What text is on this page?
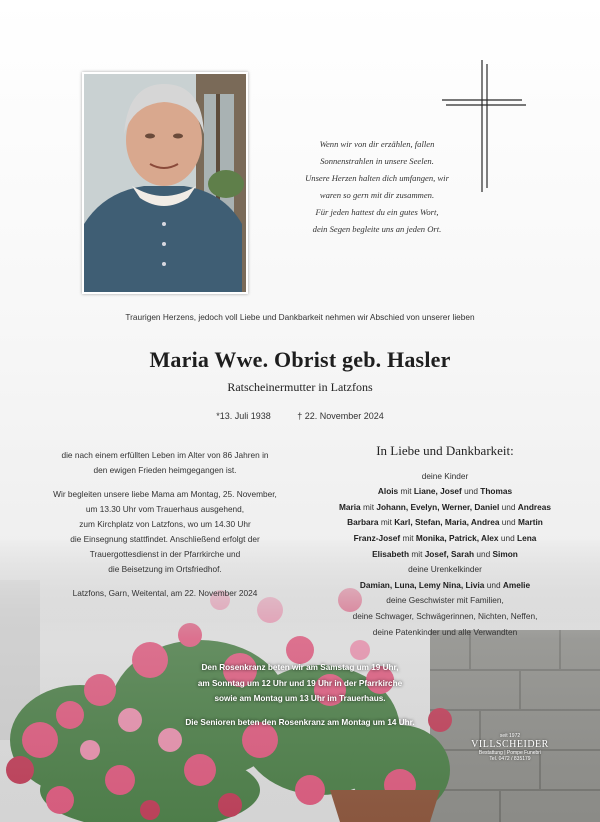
Wenn wir von dir erzählen, fallen
Sonnenstrahlen in unsere Seelen.
Unsere Herzen halten dich umfangen, wir
waren so gern mit dir zusammen.
Für jeden hattest du ein gutes Wort,
dein Segen begleite uns an jeden Ort.
Traurigen Herzens, jedoch voll Liebe und Dankbarkeit nehmen wir Abschied von unserer lieben
Maria Wwe. Obrist geb. Hasler
Ratscheinermutter in Latzfons
*13. Juli 1938	† 22. November 2024
die nach einem erfüllten Leben im Alter von 86 Jahren in
den ewigen Frieden heimgegangen ist.
Wir begleiten unsere liebe Mama am Montag, 25. November,
um 13.30 Uhr vom Trauerhaus ausgehend,
zum Kirchplatz von Latzfons, wo um 14.30 Uhr
die Einsegnung stattfindet. Anschließend erfolgt der
Trauergottesdienst in der Pfarrkirche und
die Beisetzung im Ortsfriedhof.
Latzfons, Garn, Weitental, am 22. November 2024
In Liebe und Dankbarkeit:
deine Kinder
Alois mit Liane, Josef und Thomas
Maria mit Johann, Evelyn, Werner, Daniel und Andreas
Barbara mit Karl, Stefan, Maria, Andrea und Martin
Franz-Josef mit Monika, Patrick, Alex und Lena
Elisabeth mit Josef, Sarah und Simon
deine Urenkelkinder
Damian, Luna, Lemy Nina, Livia und Amelie
deine Geschwister mit Familien,
deine Schwager, Schwägerinnen, Nichten, Neffen,
deine Patenkinder und alle Verwandten
Den Rosenkranz beten wir am Samstag um 19 Uhr,
am Sonntag um 12 Uhr und 19 Uhr in der Pfarrkirche
sowie am Montag um 13 Uhr im Trauerhaus.
Die Senioren beten den Rosenkranz am Montag um 14 Uhr.
seit 1972
VILLSCHEIDER
Bestattung | Pompe Funebri
Tel. 0472 / 835179
